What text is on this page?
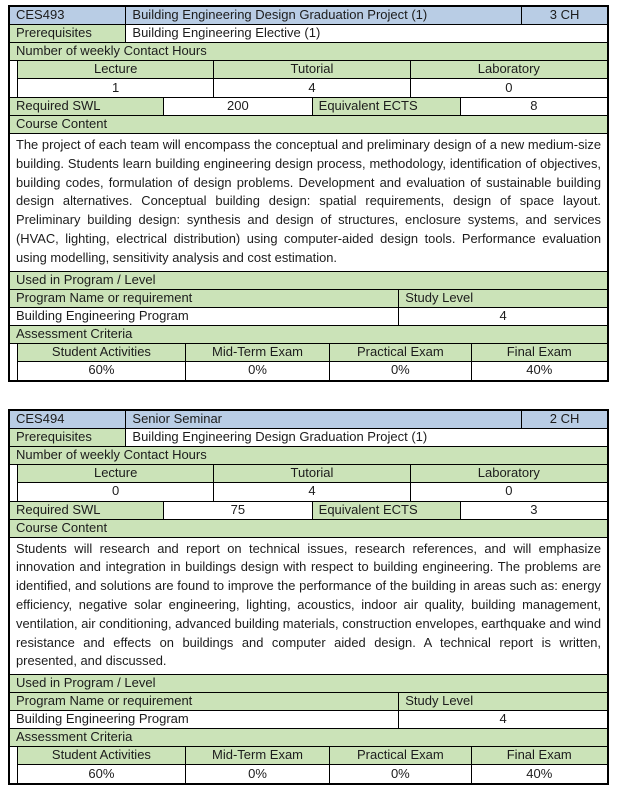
CES493	Building Engineering Design Graduation Project (1)	3 CH
Prerequisites	Building Engineering Elective (1)
Number of weekly Contact Hours
Lecture	Tutorial	Laboratory
1	4	0
Required SWL	200	Equivalent ECTS	8
Course Content
The project of each team will encompass the conceptual and preliminary design of a new medium-size building. Students learn building engineering design process, methodology, identification of objectives, building codes, formulation of design problems. Development and evaluation of sustainable building design alternatives. Conceptual building design: spatial requirements, design of space layout. Preliminary building design: synthesis and design of structures, enclosure systems, and services (HVAC, lighting, electrical distribution) using computer-aided design tools. Performance evaluation using modelling, sensitivity analysis and cost estimation.
Used in Program / Level
Program Name or requirement	Study Level
Building Engineering Program	4
Assessment Criteria
Student Activities	Mid-Term Exam	Practical Exam	Final Exam
60%	0%	0%	40%
CES494	Senior Seminar	2 CH
Prerequisites	Building Engineering Design Graduation Project (1)
Number of weekly Contact Hours
Lecture	Tutorial	Laboratory
0	4	0
Required SWL	75	Equivalent ECTS	3
Course Content
Students will research and report on technical issues, research references, and will emphasize innovation and integration in buildings design with respect to building engineering. The problems are identified, and solutions are found to improve the performance of the building in areas such as: energy efficiency, negative solar engineering, lighting, acoustics, indoor air quality, building management, ventilation, air conditioning, advanced building materials, construction envelopes, earthquake and wind resistance and effects on buildings and computer aided design. A technical report is written, presented, and discussed.
Used in Program / Level
Program Name or requirement	Study Level
Building Engineering Program	4
Assessment Criteria
Student Activities	Mid-Term Exam	Practical Exam	Final Exam
60%	0%	0%	40%
